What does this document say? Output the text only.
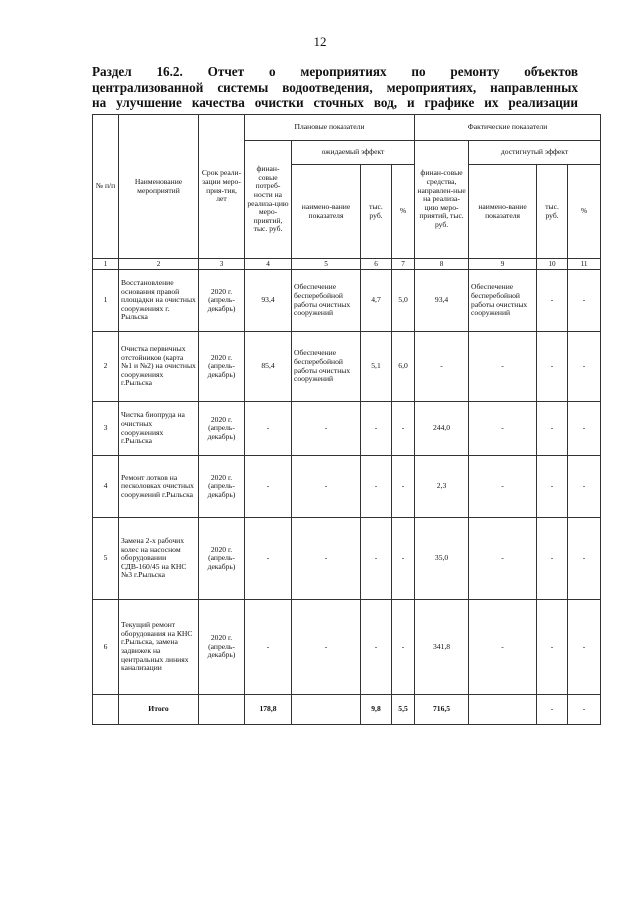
12
Раздел 16.2. Отчет о мероприятиях по ремонту объектов
централизованной системы водоотведения, мероприятиях, направленных
на улучшение качества очистки сточных вод, и графике их реализации
№ п/п	Наименование мероприятий	Срок реали-зации меро-прия-тия, лет	Плановые показатели				Фактические показатели			
			финан-совые потреб-ности на реализа-цию меро-приятий, тыс. руб.	ожидаемый эффект			финан-совые средства, направлен-ные на реализа-цию меро-приятий, тыс. руб.	достигнутый эффект		
				наимено-вание показателя	тыс. руб.	%		наимено-вание показателя	тыс. руб.	%
1	2	3	4	5	6	7	8	9	10	11
1	Восстановление основания правой площадки на очистных сооружениях г. Рыльска	2020 г. (апрель-декабрь)	93,4	Обеспечение бесперебойной работы очистных сооружений	4,7	5,0	93,4	Обеспечение бесперебойной работы очистных сооружений	-	-
2	Очистка первичных отстойников (карта №1 и №2) на очистных сооружениях г.Рыльска	2020 г. (апрель-декабрь)	85,4	Обеспечение бесперебойной работы очистных сооружений	5,1	6,0	-	-	-	-
3	Чистка биопруда на очистных сооружениях г.Рыльска	2020 г. (апрель-декабрь)	-	-	-	-	244,0	-	-	-
4	Ремонт лотков на песколовках очистных сооружений г.Рыльска	2020 г. (апрель-декабрь)	-	-	-	-	2,3	-	-	-
5	Замена 2-х рабочих колес на насосном оборудовании СДВ-160/45 на КНС №3 г.Рыльска	2020 г. (апрель-декабрь)	-	-	-	-	35,0	-	-	-
6	Текущий ремонт оборудования на КНС г.Рыльска, замена задвижек на центральных линиях канализации	2020 г. (апрель-декабрь)	-	-	-	-	341,8	-	-	-
	Итого		178,8		9,8	5,5	716,5		-	-
